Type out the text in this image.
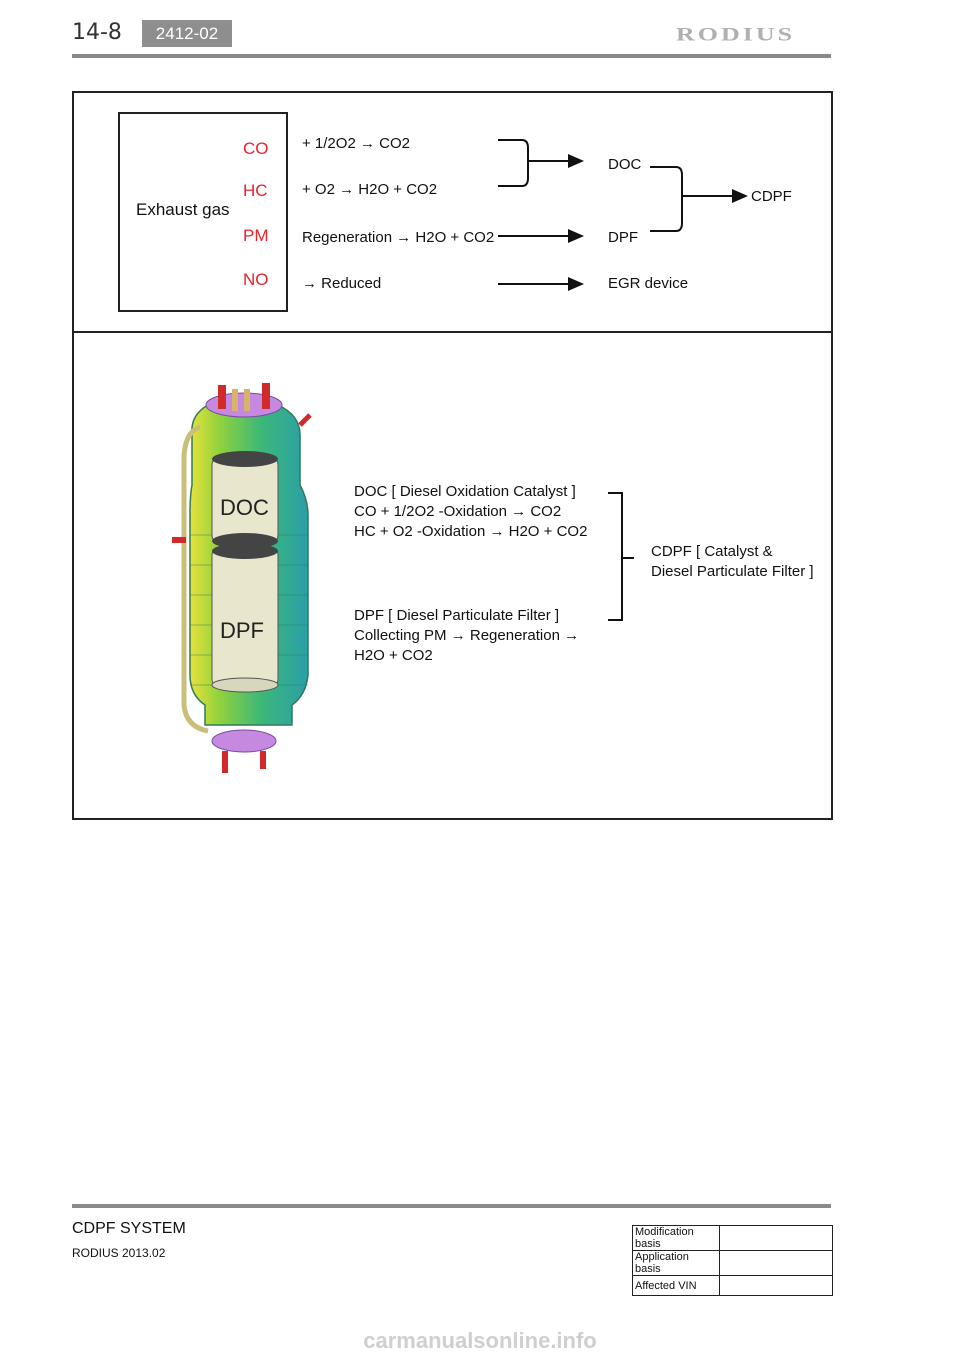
14-8	2412-02	RODIUS
Exhaust gas
CO
HC
PM
NO
+ 1/2O2 → CO2
+ O2 → H2O + CO2
Regeneration → H2O + CO2
→ Reduced
DOC
DPF
EGR device
CDPF
DOC
DPF
DOC [ Diesel Oxidation Catalyst ]
CO + 1/2O2 -Oxidation → CO2
HC + O2 -Oxidation → H2O + CO2
DPF [ Diesel Particulate Filter ]
Collecting PM → Regeneration →
H2O + CO2
CDPF [ Catalyst &
Diesel Particulate Filter ]
CDPF SYSTEM
RODIUS 2013.02
Modification basis	
Application basis	
Affected VIN	
carmanualsonline.info
